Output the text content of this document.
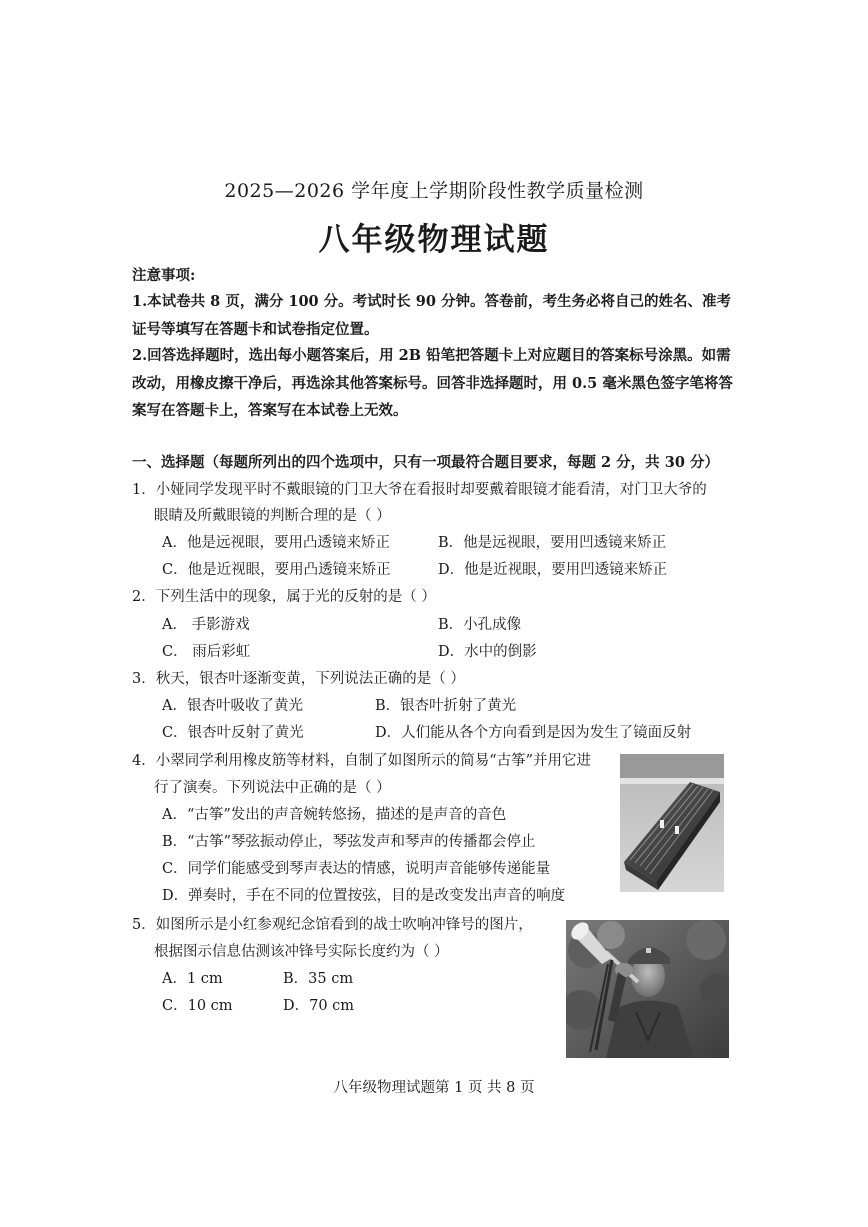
2025—2026 学年度上学期阶段性教学质量检测
八年级物理试题
注意事项:
1.本试卷共 8 页，满分 100 分。考试时长 90 分钟。答卷前，考生务必将自己的姓名、准考证号等填写在答题卡和试卷指定位置。
2.回答选择题时，选出每小题答案后，用 2B 铅笔把答题卡上对应题目的答案标号涂黑。如需改动，用橡皮擦干净后，再选涂其他答案标号。回答非选择题时，用 0.5 毫米黑色签字笔将答案写在答题卡上，答案写在本试卷上无效。
一、选择题（每题所列出的四个选项中，只有一项最符合题目要求，每题 2 分，共 30 分）
1．小娅同学发现平时不戴眼镜的门卫大爷在看报时却要戴着眼镜才能看清，对门卫大爷的
眼睛及所戴眼镜的判断合理的是（ ）
A．他是远视眼，要用凸透镜来矫正	B．他是远视眼，要用凹透镜来矫正
C．他是近视眼，要用凸透镜来矫正	D．他是近视眼，要用凹透镜来矫正
2．下列生活中的现象，属于光的反射的是（ ）
A． 手影游戏	B．小孔成像
C． 雨后彩虹	D．水中的倒影
3．秋天，银杏叶逐渐变黄，下列说法正确的是（ ）
A．银杏叶吸收了黄光	B．银杏叶折射了黄光
C．银杏叶反射了黄光	D．人们能从各个方向看到是因为发生了镜面反射
4．小翠同学利用橡皮筋等材料，自制了如图所示的简易“古筝”并用它进
行了演奏。下列说法中正确的是（ ）
A．“古筝”发出的声音婉转悠扬，描述的是声音的音色
B．“古筝”琴弦振动停止，琴弦发声和琴声的传播都会停止
C．同学们能感受到琴声表达的情感，说明声音能够传递能量
D．弹奏时，手在不同的位置按弦，目的是改变发出声音的响度
5．如图所示是小红参观纪念馆看到的战士吹响冲锋号的图片，
根据图示信息估测该冲锋号实际长度约为（ ）
A．1 cm	B．35 cm
C．10 cm	D．70 cm
八年级物理试题第 1 页 共 8 页
